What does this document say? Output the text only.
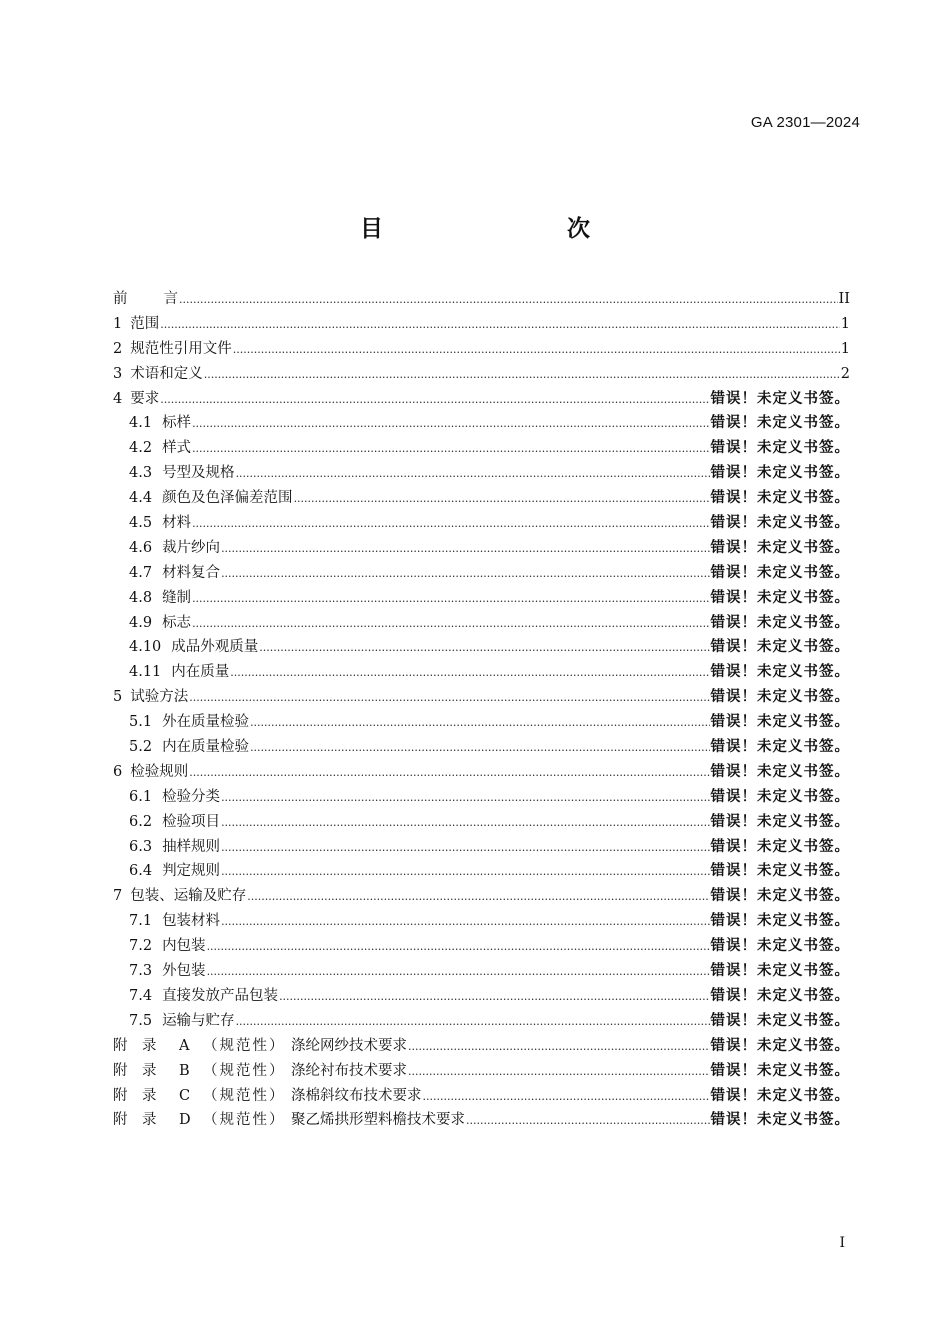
GA 2301—2024
目　　次
前 言 .....	II
1 范围 .....	1
2 规范性引用文件 .....	1
3 术语和定义 .....	2
4 要求 .....	错误！未定义书签。
4.1 标样 .....	错误！未定义书签。
4.2 样式 .....	错误！未定义书签。
4.3 号型及规格 .....	错误！未定义书签。
4.4 颜色及色泽偏差范围 .....	错误！未定义书签。
4.5 材料 .....	错误！未定义书签。
4.6 裁片纱向 .....	错误！未定义书签。
4.7 材料复合 .....	错误！未定义书签。
4.8 缝制 .....	错误！未定义书签。
4.9 标志 .....	错误！未定义书签。
4.10 成品外观质量 .....	错误！未定义书签。
4.11 内在质量 .....	错误！未定义书签。
5 试验方法 .....	错误！未定义书签。
5.1 外在质量检验 .....	错误！未定义书签。
5.2 内在质量检验 .....	错误！未定义书签。
6 检验规则 .....	错误！未定义书签。
6.1 检验分类 .....	错误！未定义书签。
6.2 检验项目 .....	错误！未定义书签。
6.3 抽样规则 .....	错误！未定义书签。
6.4 判定规则 .....	错误！未定义书签。
7 包装、运输及贮存 .....	错误！未定义书签。
7.1 包装材料 .....	错误！未定义书签。
7.2 内包装 .....	错误！未定义书签。
7.3 外包装 .....	错误！未定义书签。
7.4 直接发放产品包装 .....	错误！未定义书签。
7.5 运输与贮存 .....	错误！未定义书签。
附　录	A （规范性） 涤纶网纱技术要求 .....	错误！未定义书签。
附　录	B （规范性） 涤纶衬布技术要求 .....	错误！未定义书签。
附　录	C （规范性） 涤棉斜纹布技术要求 .....	错误！未定义书签。
附　录	D （规范性） 聚乙烯拱形塑料檐技术要求 .....	错误！未定义书签。
I
